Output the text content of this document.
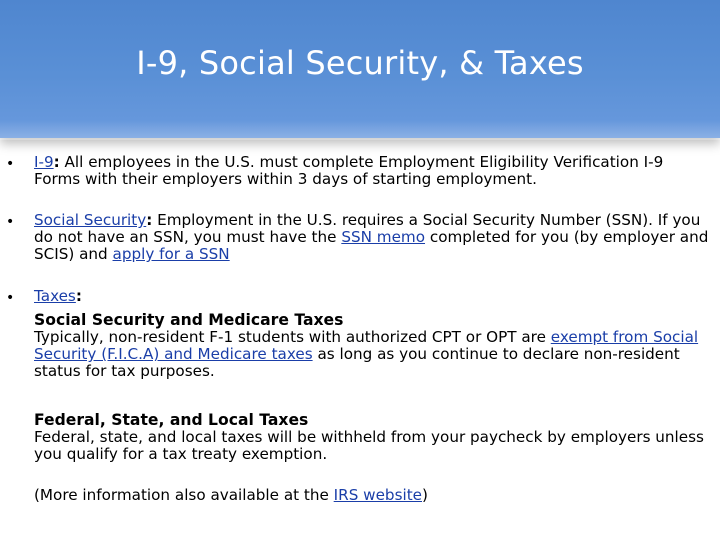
I-9, Social Security, & Taxes
• I-9: All employees in the U.S. must complete Employment Eligibility Verification I-9 Forms with their employers within 3 days of starting employment.
• Social Security: Employment in the U.S. requires a Social Security Number (SSN). If you do not have an SSN, you must have the SSN memo completed for you (by employer and SCIS) and apply for a SSN
• Taxes:
Social Security and Medicare Taxes
Typically, non-resident F-1 students with authorized CPT or OPT are exempt from Social Security (F.I.C.A) and Medicare taxes as long as you continue to declare non-resident status for tax purposes.
Federal, State, and Local Taxes
Federal, state, and local taxes will be withheld from your paycheck by employers unless you qualify for a tax treaty exemption.
(More information also available at the IRS website)
